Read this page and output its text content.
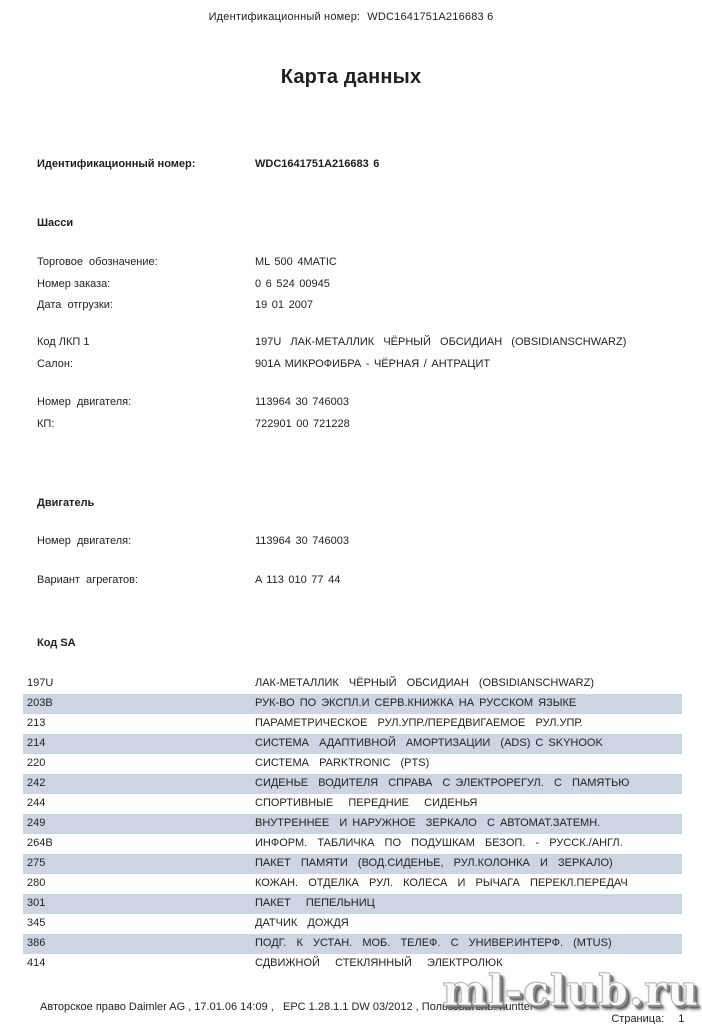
Идентификационный номер: WDC1641751A216683 6
Карта данных
Идентификационный номер:	WDC1641751A216683 6
Шасси
Торговое  обозначение:	ML 500 4MATIC
Номер заказа:	0 6 524 00945
Дата  отгрузки:	19 01 2007
Код ЛКП 1	197U  ЛАК-МЕТАЛЛИК  ЧЁРНЫЙ  ОБСИДИАН  (OBSIDIANSCHWARZ)
Салон:	901A МИКРОФИБРА - ЧЁРНАЯ / АНТРАЦИТ
Номер  двигателя:	113964 30 746003
КП:	722901 00 721228
Двигатель
Номер  двигателя:	113964 30 746003
Вариант  агрегатов:	A 113 010 77 44
Код SA
197U	ЛАК-МЕТАЛЛИК  ЧЁРНЫЙ  ОБСИДИАН  (OBSIDIANSCHWARZ)
203B	РУК-ВО ПО ЭКСПЛ.И СЕРВ.КНИЖКА НА РУССКОМ ЯЗЫКЕ
213	ПАРАМЕТРИЧЕСКОЕ  РУЛ.УПР./ПЕРЕДВИГАЕМОЕ  РУЛ.УПР.
214	СИСТЕМА  АДАПТИВНОЙ  АМОРТИЗАЦИИ  (ADS) С SKYHOOK
220	СИСТЕМА  PARKTRONIC  (PTS)
242	СИДЕНЬЕ  ВОДИТЕЛЯ  СПРАВА  С ЭЛЕКТРОРЕГУЛ.  С  ПАМЯТЬЮ
244	СПОРТИВНЫЕ   ПЕРЕДНИЕ   СИДЕНЬЯ
249	ВНУТРЕННЕЕ  И НАРУЖНОЕ  ЗЕРКАЛО  С АВТОМАТ.ЗАТЕМН.
264B	ИНФОРМ.  ТАБЛИЧКА  ПО  ПОДУШКАМ  БЕЗОП.  -  РУССК./АНГЛ.
275	ПАКЕТ  ПАМЯТИ  (ВОД.СИДЕНЬЕ,  РУЛ.КОЛОНКА  И  ЗЕРКАЛО)
280	КОЖАН.  ОТДЕЛКА  РУЛ.  КОЛЕСА  И  РЫЧАГА  ПЕРЕКЛ.ПЕРЕДАЧ
301	ПАКЕТ   ПЕПЕЛЬНИЦ
345	ДАТЧИК  ДОЖДЯ
386	ПОДГ.  К  УСТАН.  МОБ.  ТЕЛЕФ.  С  УНИВЕР.ИНТЕРФ.  (MTUS)
414	СДВИЖНОЙ   СТЕКЛЯННЫЙ   ЭЛЕКТРОЛЮК
Авторское право Daimler AG , 17.01.06 14:09 ,   EPC 1.28.1.1 DW 03/2012 , Пользователь: huntter

Страница: 1

ml-club.ru
